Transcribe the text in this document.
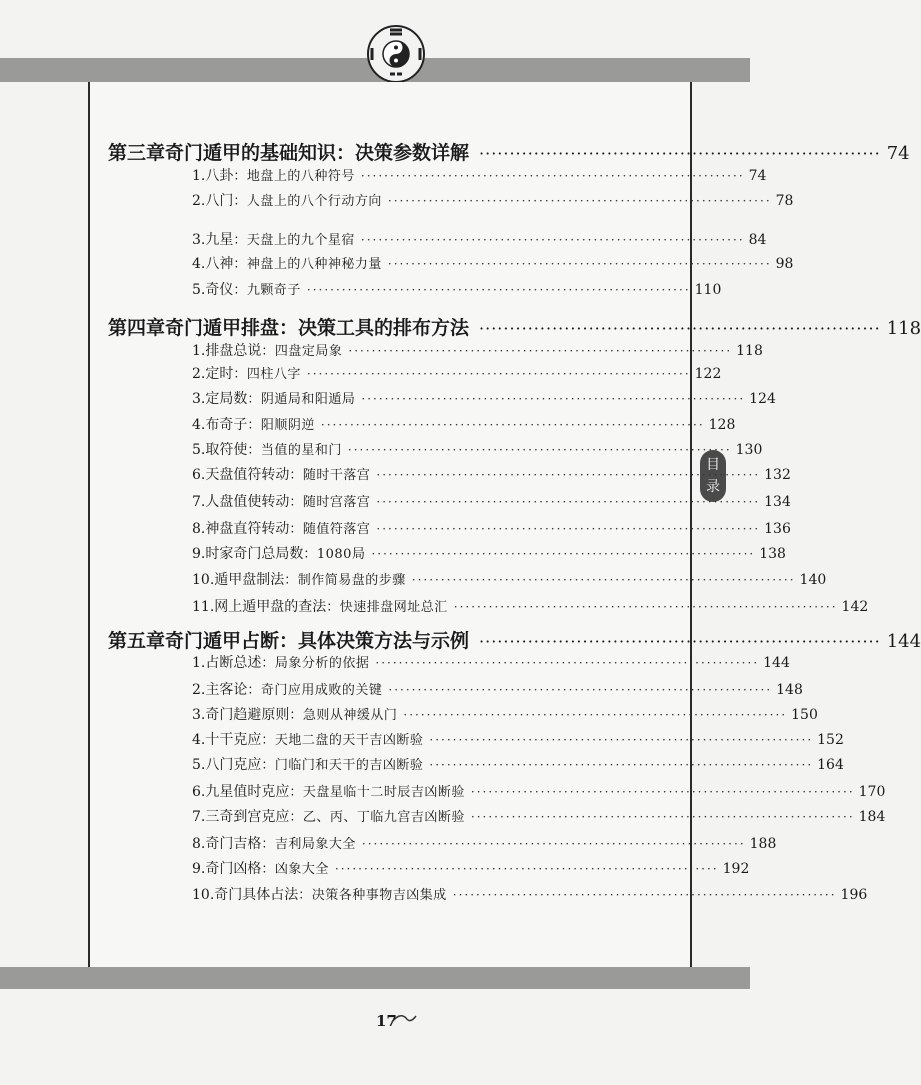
目录
第三章 奇门遁甲的基础知识：决策参数详解 ·································································· 74
1. 八卦 ：地盘上的八种符号 ·································································· 74
2. 八门 ：人盘上的八个行动方向 ·································································· 78
3. 九星 ：天盘上的九个星宿 ·································································· 84
4. 八神 ：神盘上的八种神秘力量 ·································································· 98
5. 奇仪 ：九颗奇子 ·································································· 110
第四章 奇门遁甲排盘：决策工具的排布方法 ·································································· 118
1. 排盘总说 ：四盘定局象 ·································································· 118
2. 定时 ：四柱八字 ·································································· 122
3. 定局数 ：阴遁局和阳遁局 ·································································· 124
4. 布奇子 ：阳顺阴逆 ·································································· 128
5. 取符使 ：当值的星和门 ·································································· 130
6. 天盘值符转动 ：随时干落宫 ·································································· 132
7. 人盘值使转动 ：随时宫落宫 ·································································· 134
8. 神盘直符转动 ：随值符落宫 ·································································· 136
9. 时家奇门总局数 ：1080局 ·································································· 138
10. 遁甲盘制法 ：制作简易盘的步骤 ·································································· 140
11. 网上遁甲盘的查法 ：快速排盘网址总汇 ·································································· 142
第五章 奇门遁甲占断：具体决策方法与示例 ·································································· 144
1. 占断总述 ：局象分析的依据 ·································································· 144
2. 主客论 ：奇门应用成败的关键 ·································································· 148
3. 奇门趋避原则 ：急则从神缓从门 ·································································· 150
4. 十干克应 ：天地二盘的天干吉凶断验 ·································································· 152
5. 八门克应 ：门临门和天干的吉凶断验 ·································································· 164
6. 九星值时克应 ：天盘星临十二时辰吉凶断验 ·································································· 170
7. 三奇到宫克应 ：乙、丙、丁临九宫吉凶断验 ·································································· 184
8. 奇门吉格 ：吉利局象大全 ·································································· 188
9. 奇门凶格 ：凶象大全 ·································································· 192
10. 奇门具体占法 ：决策各种事物吉凶集成 ·································································· 196
17
